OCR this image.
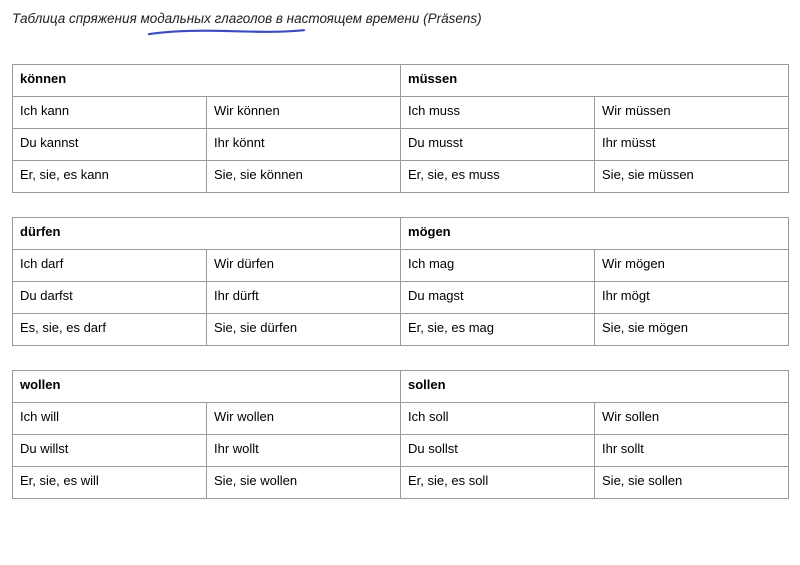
Таблица спряжения модальных глаголов в настоящем времени (Präsens)
können		müssen	
Ich kann	Wir können	Ich muss	Wir müssen
Du kannst	Ihr könnt	Du musst	Ihr müsst
Er, sie, es kann	Sie, sie können	Er, sie, es muss	Sie, sie müssen
dürfen		mögen	
Ich darf	Wir dürfen	Ich mag	Wir mögen
Du darfst	Ihr dürft	Du magst	Ihr mögt
Es, sie, es darf	Sie, sie dürfen	Er, sie, es mag	Sie, sie mögen
wollen		sollen	
Ich will	Wir wollen	Ich soll	Wir sollen
Du willst	Ihr wollt	Du sollst	Ihr sollt
Er, sie, es will	Sie, sie wollen	Er, sie, es soll	Sie, sie sollen
